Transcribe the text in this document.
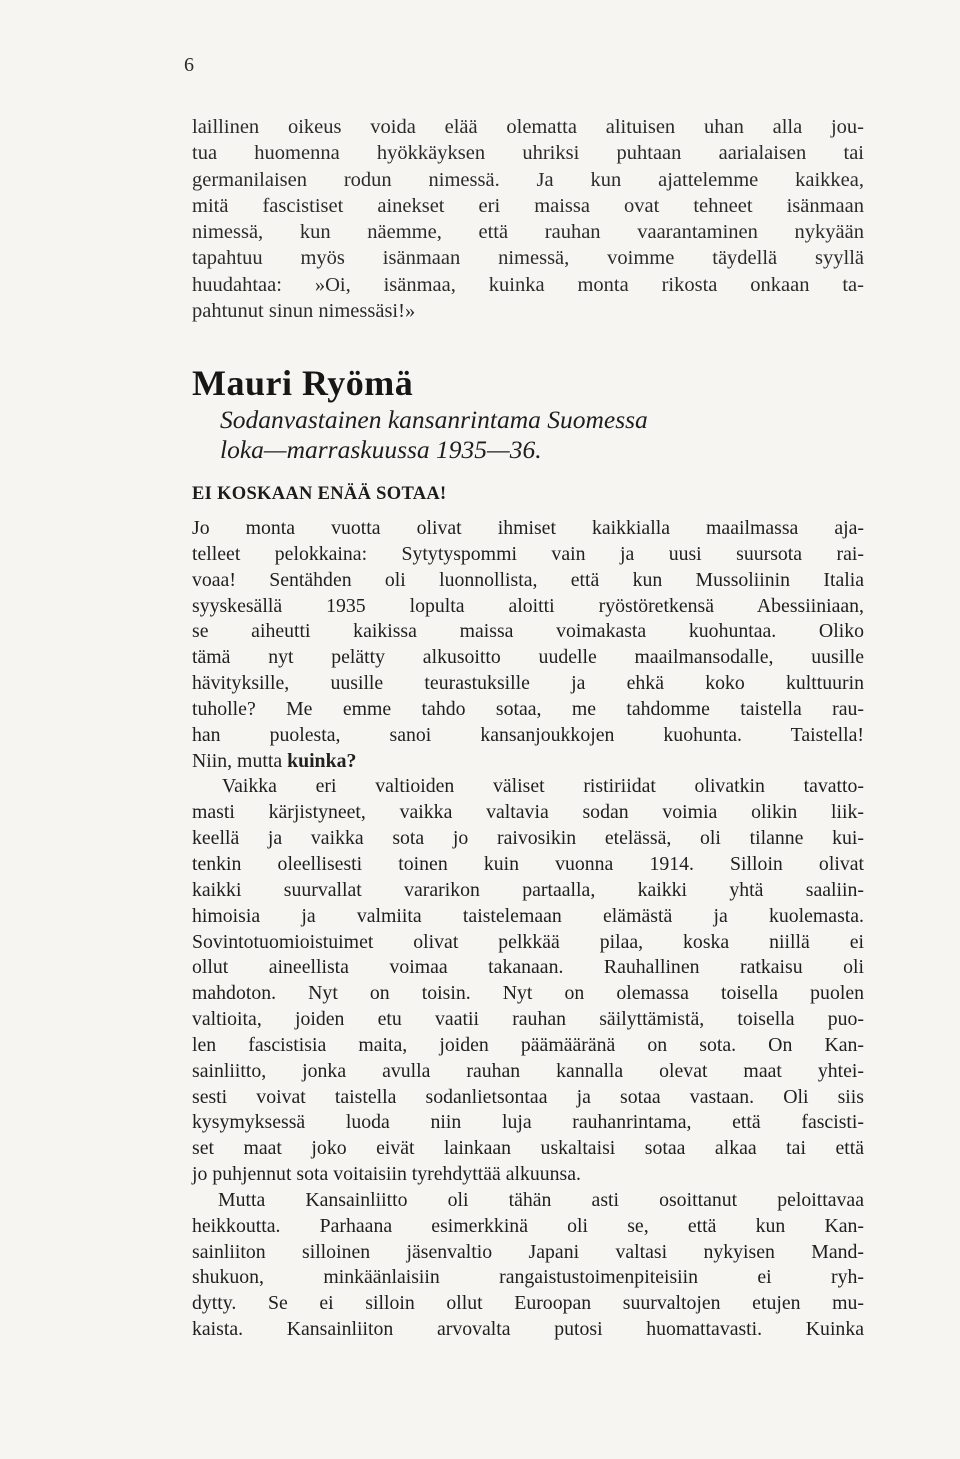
6
laillinen oikeus voida elää olematta alituisen uhan alla jou-
tua huomenna hyökkäyksen uhriksi puhtaan aarialaisen tai
germanilaisen rodun nimessä. Ja kun ajattelemme kaikkea,
mitä fascistiset ainekset eri maissa ovat tehneet isänmaan
nimessä, kun näemme, että rauhan vaarantaminen nykyään
tapahtuu myös isänmaan nimessä, voimme täydellä syyllä
huudahtaa: »Oi, isänmaa, kuinka monta rikosta onkaan ta-
pahtunut sinun nimessäsi!»
Mauri Ryömä
Sodanvastainen kansanrintama Suomessa
loka—marraskuussa 1935—36.
EI KOSKAAN ENÄÄ SOTAA!
Jo monta vuotta olivat ihmiset kaikkialla maailmassa aja-
telleet pelokkaina: Sytytyspommi vain ja uusi suursota rai-
voaa! Sentähden oli luonnollista, että kun Mussoliinin Italia
syyskesällä 1935 lopulta aloitti ryöstöretkensä Abessiiniaan,
se aiheutti kaikissa maissa voimakasta kuohuntaa. Oliko
tämä nyt pelätty alkusoitto uudelle maailmansodalle, uusille
hävityksille, uusille teurastuksille ja ehkä koko kulttuurin
tuholle? Me emme tahdo sotaa, me tahdomme taistella rau-
han puolesta, sanoi kansanjoukkojen kuohunta. Taistella!
Niin, mutta kuinka?
Vaikka eri valtioiden väliset ristiriidat olivatkin tavatto-
masti kärjistyneet, vaikka valtavia sodan voimia olikin liik-
keellä ja vaikka sota jo raivosikin etelässä, oli tilanne kui-
tenkin oleellisesti toinen kuin vuonna 1914. Silloin olivat
kaikki suurvallat vararikon partaalla, kaikki yhtä saaliin-
himoisia ja valmiita taistelemaan elämästä ja kuolemasta.
Sovintotuomioistuimet olivat pelkkää pilaa, koska niillä ei
ollut aineellista voimaa takanaan. Rauhallinen ratkaisu oli
mahdoton. Nyt on toisin. Nyt on olemassa toisella puolen
valtioita, joiden etu vaatii rauhan säilyttämistä, toisella puo-
len fascistisia maita, joiden päämääränä on sota. On Kan-
sainliitto, jonka avulla rauhan kannalla olevat maat yhtei-
sesti voivat taistella sodanlietsontaa ja sotaa vastaan. Oli siis
kysymyksessä luoda niin luja rauhanrintama, että fascisti-
set maat joko eivät lainkaan uskaltaisi sotaa alkaa tai että
jo puhjennut sota voitaisiin tyrehdyttää alkuunsa.
Mutta Kansainliitto oli tähän asti osoittanut peloittavaa
heikkoutta. Parhaana esimerkkinä oli se, että kun Kan-
sainliiton silloinen jäsenvaltio Japani valtasi nykyisen Mand-
shukuon, minkäänlaisiin rangaistustoimenpiteisiin ei ryh-
dytty. Se ei silloin ollut Euroopan suurvaltojen etujen mu-
kaista. Kansainliiton arvovalta putosi huomattavasti. Kuinka
